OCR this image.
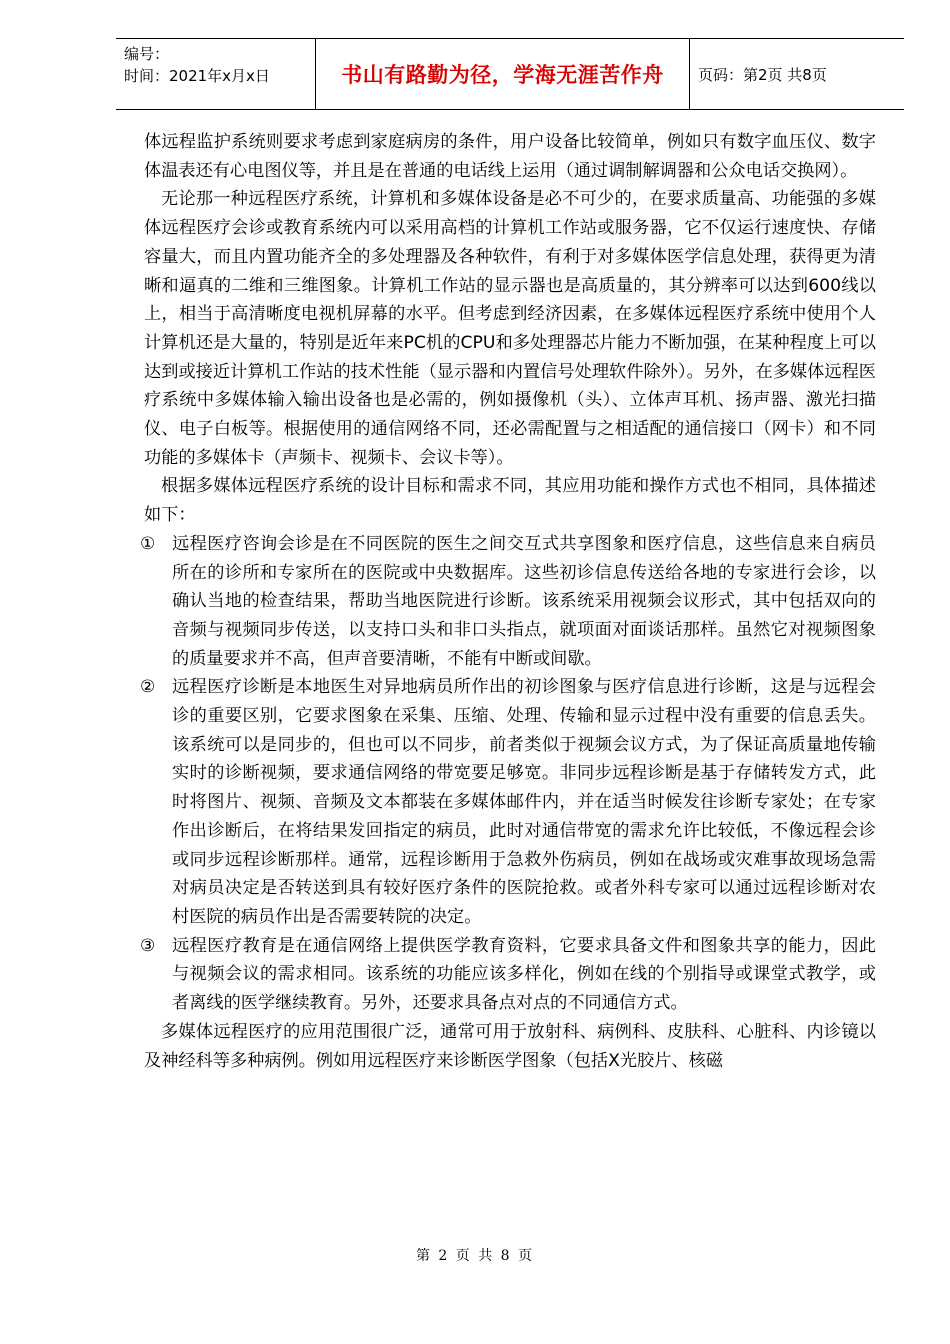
编号：
时间：2021年x月x日	书山有路勤为径，学海无涯苦作舟	页码：第2页 共8页

体远程监护系统则要求考虑到家庭病房的条件，用户设备比较简单，例如只有数字血压仪、数字体温表还有心电图仪等，并且是在普通的电话线上运用（通过调制解调器和公众电话交换网）。

无论那一种远程医疗系统，计算机和多媒体设备是必不可少的，在要求质量高、功能强的多媒体远程医疗会诊或教育系统内可以采用高档的计算机工作站或服务器，它不仅运行速度快、存储容量大，而且内置功能齐全的多处理器及各种软件，有利于对多媒体医学信息处理，获得更为清晰和逼真的二维和三维图象。计算机工作站的显示器也是高质量的，其分辨率可以达到600线以上，相当于高清晰度电视机屏幕的水平。但考虑到经济因素，在多媒体远程医疗系统中使用个人计算机还是大量的，特别是近年来PC机的CPU和多处理器芯片能力不断加强，在某种程度上可以达到或接近计算机工作站的技术性能（显示器和内置信号处理软件除外）。另外，在多媒体远程医疗系统中多媒体输入输出设备也是必需的，例如摄像机（头）、立体声耳机、扬声器、激光扫描仪、电子白板等。根据使用的通信网络不同，还必需配置与之相适配的通信接口（网卡）和不同功能的多媒体卡（声频卡、视频卡、会议卡等）。

根据多媒体远程医疗系统的设计目标和需求不同，其应用功能和操作方式也不相同，具体描述如下：

① 远程医疗咨询会诊是在不同医院的医生之间交互式共享图象和医疗信息，这些信息来自病员所在的诊所和专家所在的医院或中央数据库。这些初诊信息传送给各地的专家进行会诊，以确认当地的检查结果，帮助当地医院进行诊断。该系统采用视频会议形式，其中包括双向的音频与视频同步传送，以支持口头和非口头指点，就项面对面谈话那样。虽然它对视频图象的质量要求并不高，但声音要清晰，不能有中断或间歇。
② 远程医疗诊断是本地医生对异地病员所作出的初诊图象与医疗信息进行诊断，这是与远程会诊的重要区别，它要求图象在采集、压缩、处理、传输和显示过程中没有重要的信息丢失。该系统可以是同步的，但也可以不同步，前者类似于视频会议方式，为了保证高质量地传输实时的诊断视频，要求通信网络的带宽要足够宽。非同步远程诊断是基于存储转发方式，此时将图片、视频、音频及文本都装在多媒体邮件内，并在适当时候发往诊断专家处；在专家作出诊断后，在将结果发回指定的病员，此时对通信带宽的需求允许比较低，不像远程会诊或同步远程诊断那样。通常，远程诊断用于急救外伤病员，例如在战场或灾难事故现场急需对病员决定是否转送到具有较好医疗条件的医院抢救。或者外科专家可以通过远程诊断对农村医院的病员作出是否需要转院的决定。
③ 远程医疗教育是在通信网络上提供医学教育资料，它要求具备文件和图象共享的能力，因此与视频会议的需求相同。该系统的功能应该多样化，例如在线的个别指导或课堂式教学，或者离线的医学继续教育。另外，还要求具备点对点的不同通信方式。

多媒体远程医疗的应用范围很广泛，通常可用于放射科、病例科、皮肤科、心脏科、内诊镜以及神经科等多种病例。例如用远程医疗来诊断医学图象（包括X光胶片、核磁

第 2 页 共 8 页
